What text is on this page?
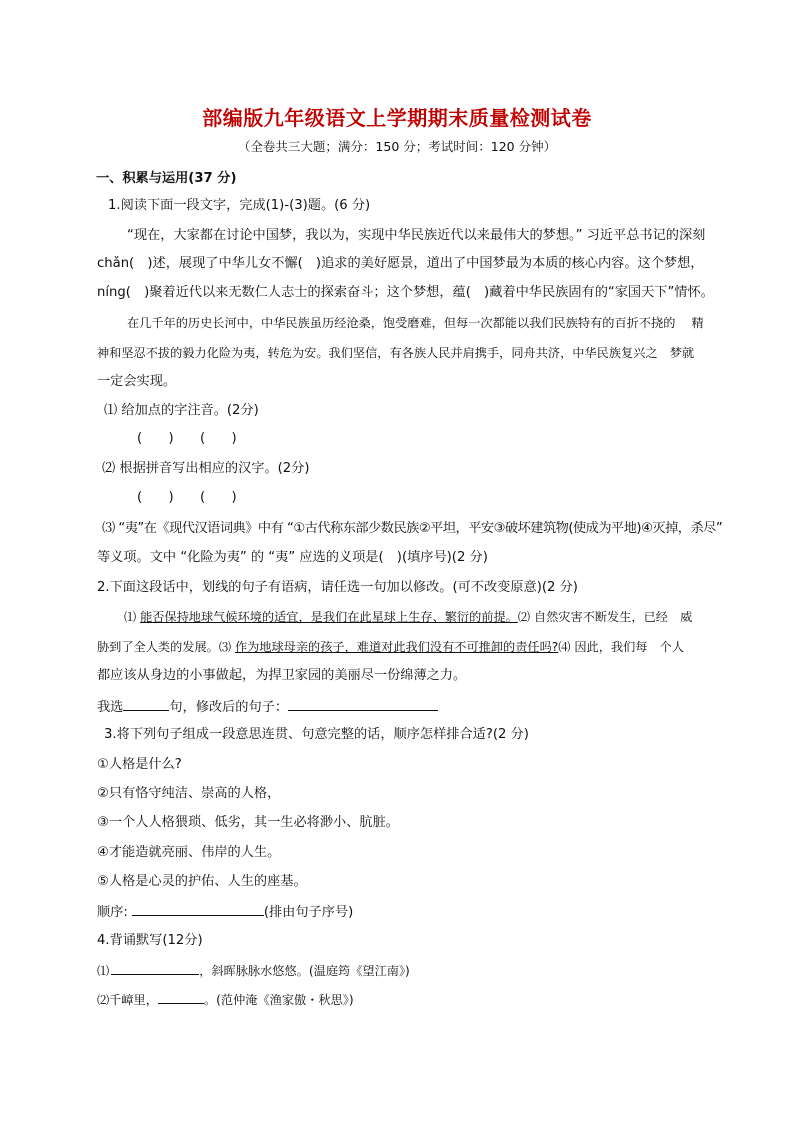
部编版九年级语文上学期期末质量检测试卷
（全卷共三大题；满分：150 分；考试时间：120 分钟）
一、积累与运用(37 分)
1.阅读下面一段文字，完成(1)-(3)题。(6 分)
“现在，大家都在讨论中国梦，我以为，实现中华民族近代以来最伟大的梦想。” 习近平总书记的深刻
chǎn(　)述，展现了中华儿女不懈(　)追求的美好愿景，道出了中国梦最为本质的核心内容。这个梦想，
níng(　)聚着近代以来无数仁人志士的探索奋斗；这个梦想，蕴(　)藏着中华民族固有的“家国天下”情怀。
在几千年的历史长河中，中华民族虽历经沧桑，饱受磨难，但每一次都能以我们民族特有的百折不挠的　 精
神和坚忍不拔的毅力化险为夷，转危为安。我们坚信，有各族人民并肩携手，同舟共济，中华民族复兴之　梦就
一定会实现。
⑴ 给加点的字注音。(2分)
(　　)　　(　　)
⑵ 根据拼音写出相应的汉字。(2分)
(　　)　　(　　)
⑶ “夷”在《现代汉语词典》中有 “①古代称东部少数民族②平坦，平安③破坏建筑物(使成为平地)④灭掉，杀尽”
等义项。文中 “化险为夷” 的 “夷” 应选的义项是(　)(填序号)(2 分)
2.下面这段话中，划线的句子有语病，请任选一句加以修改。(可不改变原意)(2 分)
⑴ 能否保持地球气候环境的适宜，是我们在此星球上生存、繁衍的前提。⑵ 自然灾害不断发生，已经　威
胁到了全人类的发展。⑶ 作为地球母亲的孩子，难道对此我们没有不可推卸的责任吗?⑷ 因此，我们每　个人
都应该从身边的小事做起，为捍卫家园的美丽尽一份绵薄之力。
我选	句，修改后的句子：
3.将下列句子组成一段意思连贯、句意完整的话，顺序怎样排合适?(2 分)
①人格是什么?
②只有恪守纯洁、崇高的人格，
③一个人人格猥琐、低劣，其一生必将渺小、肮脏。
④才能造就亮丽、伟岸的人生。
⑤人格是心灵的护佑、人生的座基。
顺序:	(排由句子序号)
4.背诵默写(12分)
⑴	，斜晖脉脉水悠悠。(温庭筠《望江南》)
⑵千嶂里，	。(范仲淹《渔家傲・秋思》)
